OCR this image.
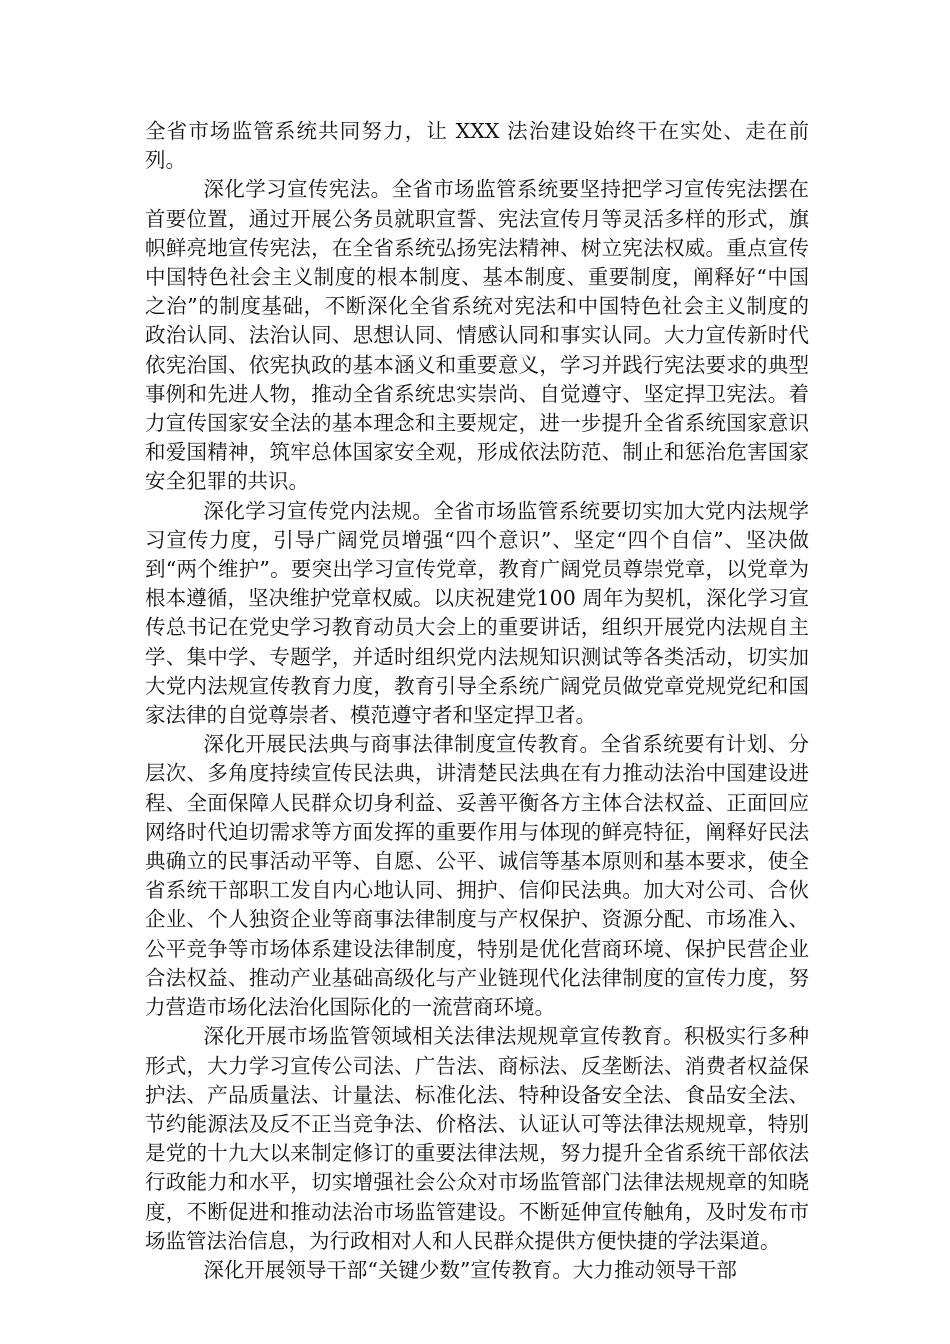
全省市场监管系统共同努力，让 XXX 法治建设始终干在实处、走在前列。

深化学习宣传宪法。全省市场监管系统要坚持把学习宣传宪法摆在首要位置，通过开展公务员就职宣誓、宪法宣传月等灵活多样的形式，旗帜鲜亮地宣传宪法，在全省系统弘扬宪法精神、树立宪法权威。重点宣传中国特色社会主义制度的根本制度、基本制度、重要制度，阐释好“中国之治”的制度基础，不断深化全省系统对宪法和中国特色社会主义制度的政治认同、法治认同、思想认同、情感认同和事实认同。大力宣传新时代依宪治国、依宪执政的基本涵义和重要意义，学习并践行宪法要求的典型事例和先进人物，推动全省系统忠实崇尚、自觉遵守、坚定捍卫宪法。着力宣传国家安全法的基本理念和主要规定，进一步提升全省系统国家意识和爱国精神，筑牢总体国家安全观，形成依法防范、制止和惩治危害国家安全犯罪的共识。

深化学习宣传党内法规。全省市场监管系统要切实加大党内法规学习宣传力度，引导广阔党员增强“四个意识”、坚定“四个自信”、坚决做到“两个维护”。要突出学习宣传党章，教育广阔党员尊崇党章，以党章为根本遵循，坚决维护党章权威。以庆祝建党100 周年为契机，深化学习宣传总书记在党史学习教育动员大会上的重要讲话，组织开展党内法规自主学、集中学、专题学，并适时组织党内法规知识测试等各类活动，切实加大党内法规宣传教育力度，教育引导全系统广阔党员做党章党规党纪和国家法律的自觉尊崇者、模范遵守者和坚定捍卫者。

深化开展民法典与商事法律制度宣传教育。全省系统要有计划、分层次、多角度持续宣传民法典，讲清楚民法典在有力推动法治中国建设进程、全面保障人民群众切身利益、妥善平衡各方主体合法权益、正面回应网络时代迫切需求等方面发挥的重要作用与体现的鲜亮特征，阐释好民法典确立的民事活动平等、自愿、公平、诚信等基本原则和基本要求，使全省系统干部职工发自内心地认同、拥护、信仰民法典。加大对公司、合伙企业、个人独资企业等商事法律制度与产权保护、资源分配、市场准入、公平竞争等市场体系建设法律制度，特别是优化营商环境、保护民营企业合法权益、推动产业基础高级化与产业链现代化法律制度的宣传力度，努力营造市场化法治化国际化的一流营商环境。

深化开展市场监管领域相关法律法规规章宣传教育。积极实行多种形式，大力学习宣传公司法、广告法、商标法、反垄断法、消费者权益保护法、产品质量法、计量法、标准化法、特种设备安全法、食品安全法、节约能源法及反不正当竞争法、价格法、认证认可等法律法规规章，特别是党的十九大以来制定修订的重要法律法规，努力提升全省系统干部依法行政能力和水平，切实增强社会公众对市场监管部门法律法规规章的知晓度，不断促进和推动法治市场监管建设。不断延伸宣传触角，及时发布市场监管法治信息，为行政相对人和人民群众提供方便快捷的学法渠道。

深化开展领导干部“关键少数”宣传教育。大力推动领导干部
